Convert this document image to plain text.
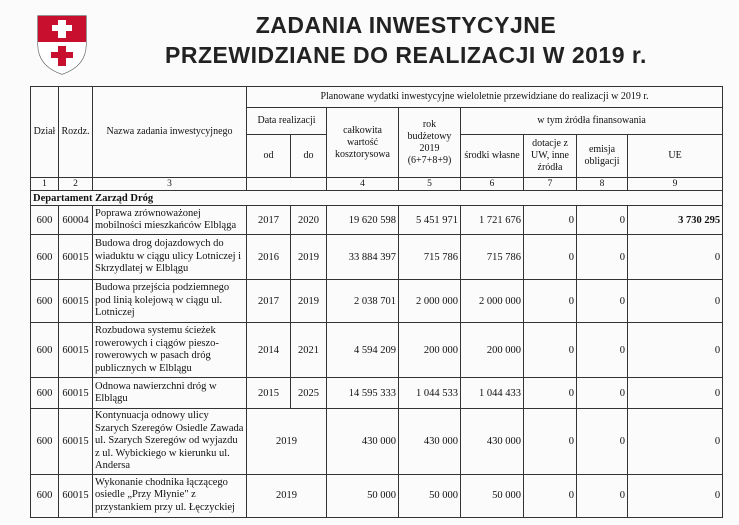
ZADANIA INWESTYCYJNE
PRZEWIDZIANE DO REALIZACJI W 2019 r.
Dział	Rozdz.	Nazwa zadania inwestycyjnego	Planowane wydatki inwestycyjne wieloletnie przewidziane do realizacji w 2019 r.							
			Data realizacji		całkowita wartość kosztorysowa	rok budżetowy 2019 (6+7+8+9)	w tym źródła finansowania			
			od	do			środki własne	dotacje z UW, inne źródła	emisja obligacji	UE
1	2	3			4	5	6	7	8	9
Departament Zarząd Dróg										
600	60004	Poprawa zrównoważonej mobilności mieszkańców Elbląga	2017	2020	19 620 598	5 451 971	1 721 676	0	0	3 730 295
600	60015	Budowa drog dojazdowych do wiaduktu w ciągu ulicy Lotniczej i Skrzydlatej w Elblągu	2016	2019	33 884 397	715 786	715 786	0	0	0
600	60015	Budowa przejścia podziemnego pod linią kolejową w ciągu ul. Lotniczej	2017	2019	2 038 701	2 000 000	2 000 000	0	0	0
600	60015	Rozbudowa systemu ścieżek rowerowych i ciągów pieszo-rowerowych w pasach dróg publicznych w Elblągu	2014	2021	4 594 209	200 000	200 000	0	0	0
600	60015	Odnowa nawierzchni dróg w Elblągu	2015	2025	14 595 333	1 044 533	1 044 433	0	0	0
600	60015	Kontynuacja odnowy ulicy Szarych Szeregów Osiedle Zawada ul. Szarych Szeregów od wyjazdu z ul. Wybickiego w kierunku ul. Andersa	2019		430 000	430 000	430 000	0	0	0
600	60015	Wykonanie chodnika łączącego osiedle „Przy Młynie" z przystankiem przy ul. Łęczyckiej	2019		50 000	50 000	50 000	0	0	0
